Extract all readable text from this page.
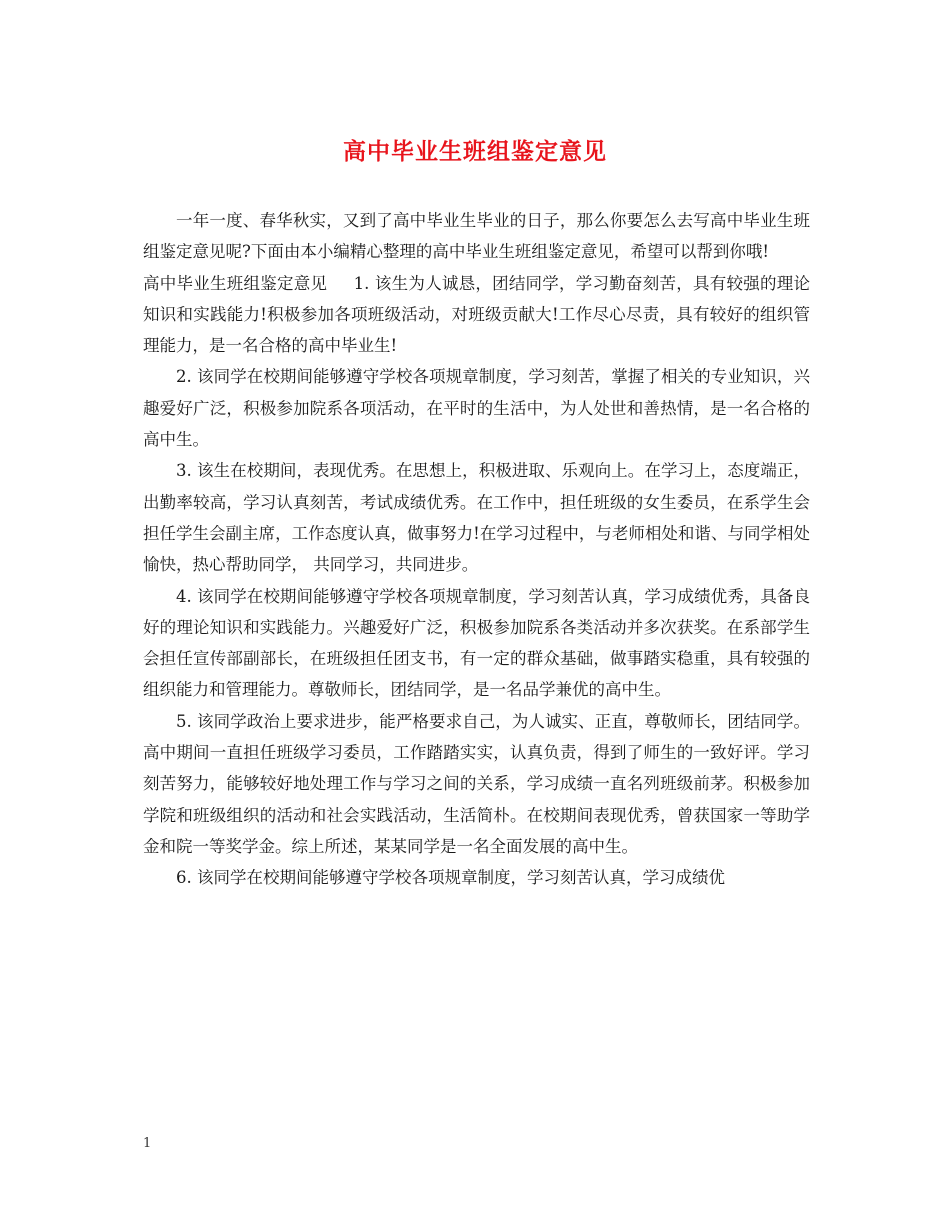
高中毕业生班组鉴定意见

一年一度、春华秋实，又到了高中毕业生毕业的日子，那么你要怎么去写高中毕业生班组鉴定意见呢?下面由本小编精心整理的高中毕业生班组鉴定意见，希望可以帮到你哦!

高中毕业生班组鉴定意见 1. 该生为人诚恳，团结同学，学习勤奋刻苦，具有较强的理论知识和实践能力!积极参加各项班级活动，对班级贡献大!工作尽心尽责，具有较好的组织管理能力，是一名合格的高中毕业生!

2. 该同学在校期间能够遵守学校各项规章制度，学习刻苦，掌握了相关的专业知识，兴趣爱好广泛，积极参加院系各项活动，在平时的生活中，为人处世和善热情，是一名合格的高中生。

3. 该生在校期间，表现优秀。在思想上，积极进取、乐观向上。在学习上，态度端正，出勤率较高，学习认真刻苦，考试成绩优秀。在工作中，担任班级的女生委员，在系学生会担任学生会副主席，工作态度认真，做事努力!在学习过程中，与老师相处和谐、与同学相处愉快，热心帮助同学， 共同学习，共同进步。

4. 该同学在校期间能够遵守学校各项规章制度，学习刻苦认真，学习成绩优秀，具备良好的理论知识和实践能力。兴趣爱好广泛，积极参加院系各类活动并多次获奖。在系部学生会担任宣传部副部长，在班级担任团支书，有一定的群众基础，做事踏实稳重，具有较强的组织能力和管理能力。尊敬师长，团结同学，是一名品学兼优的高中生。

5. 该同学政治上要求进步，能严格要求自己，为人诚实、正直，尊敬师长，团结同学。高中期间一直担任班级学习委员，工作踏踏实实，认真负责，得到了师生的一致好评。学习刻苦努力，能够较好地处理工作与学习之间的关系，学习成绩一直名列班级前茅。积极参加学院和班级组织的活动和社会实践活动，生活简朴。在校期间表现优秀，曾获国家一等助学金和院一等奖学金。综上所述，某某同学是一名全面发展的高中生。

6. 该同学在校期间能够遵守学校各项规章制度，学习刻苦认真，学习成绩优

1
